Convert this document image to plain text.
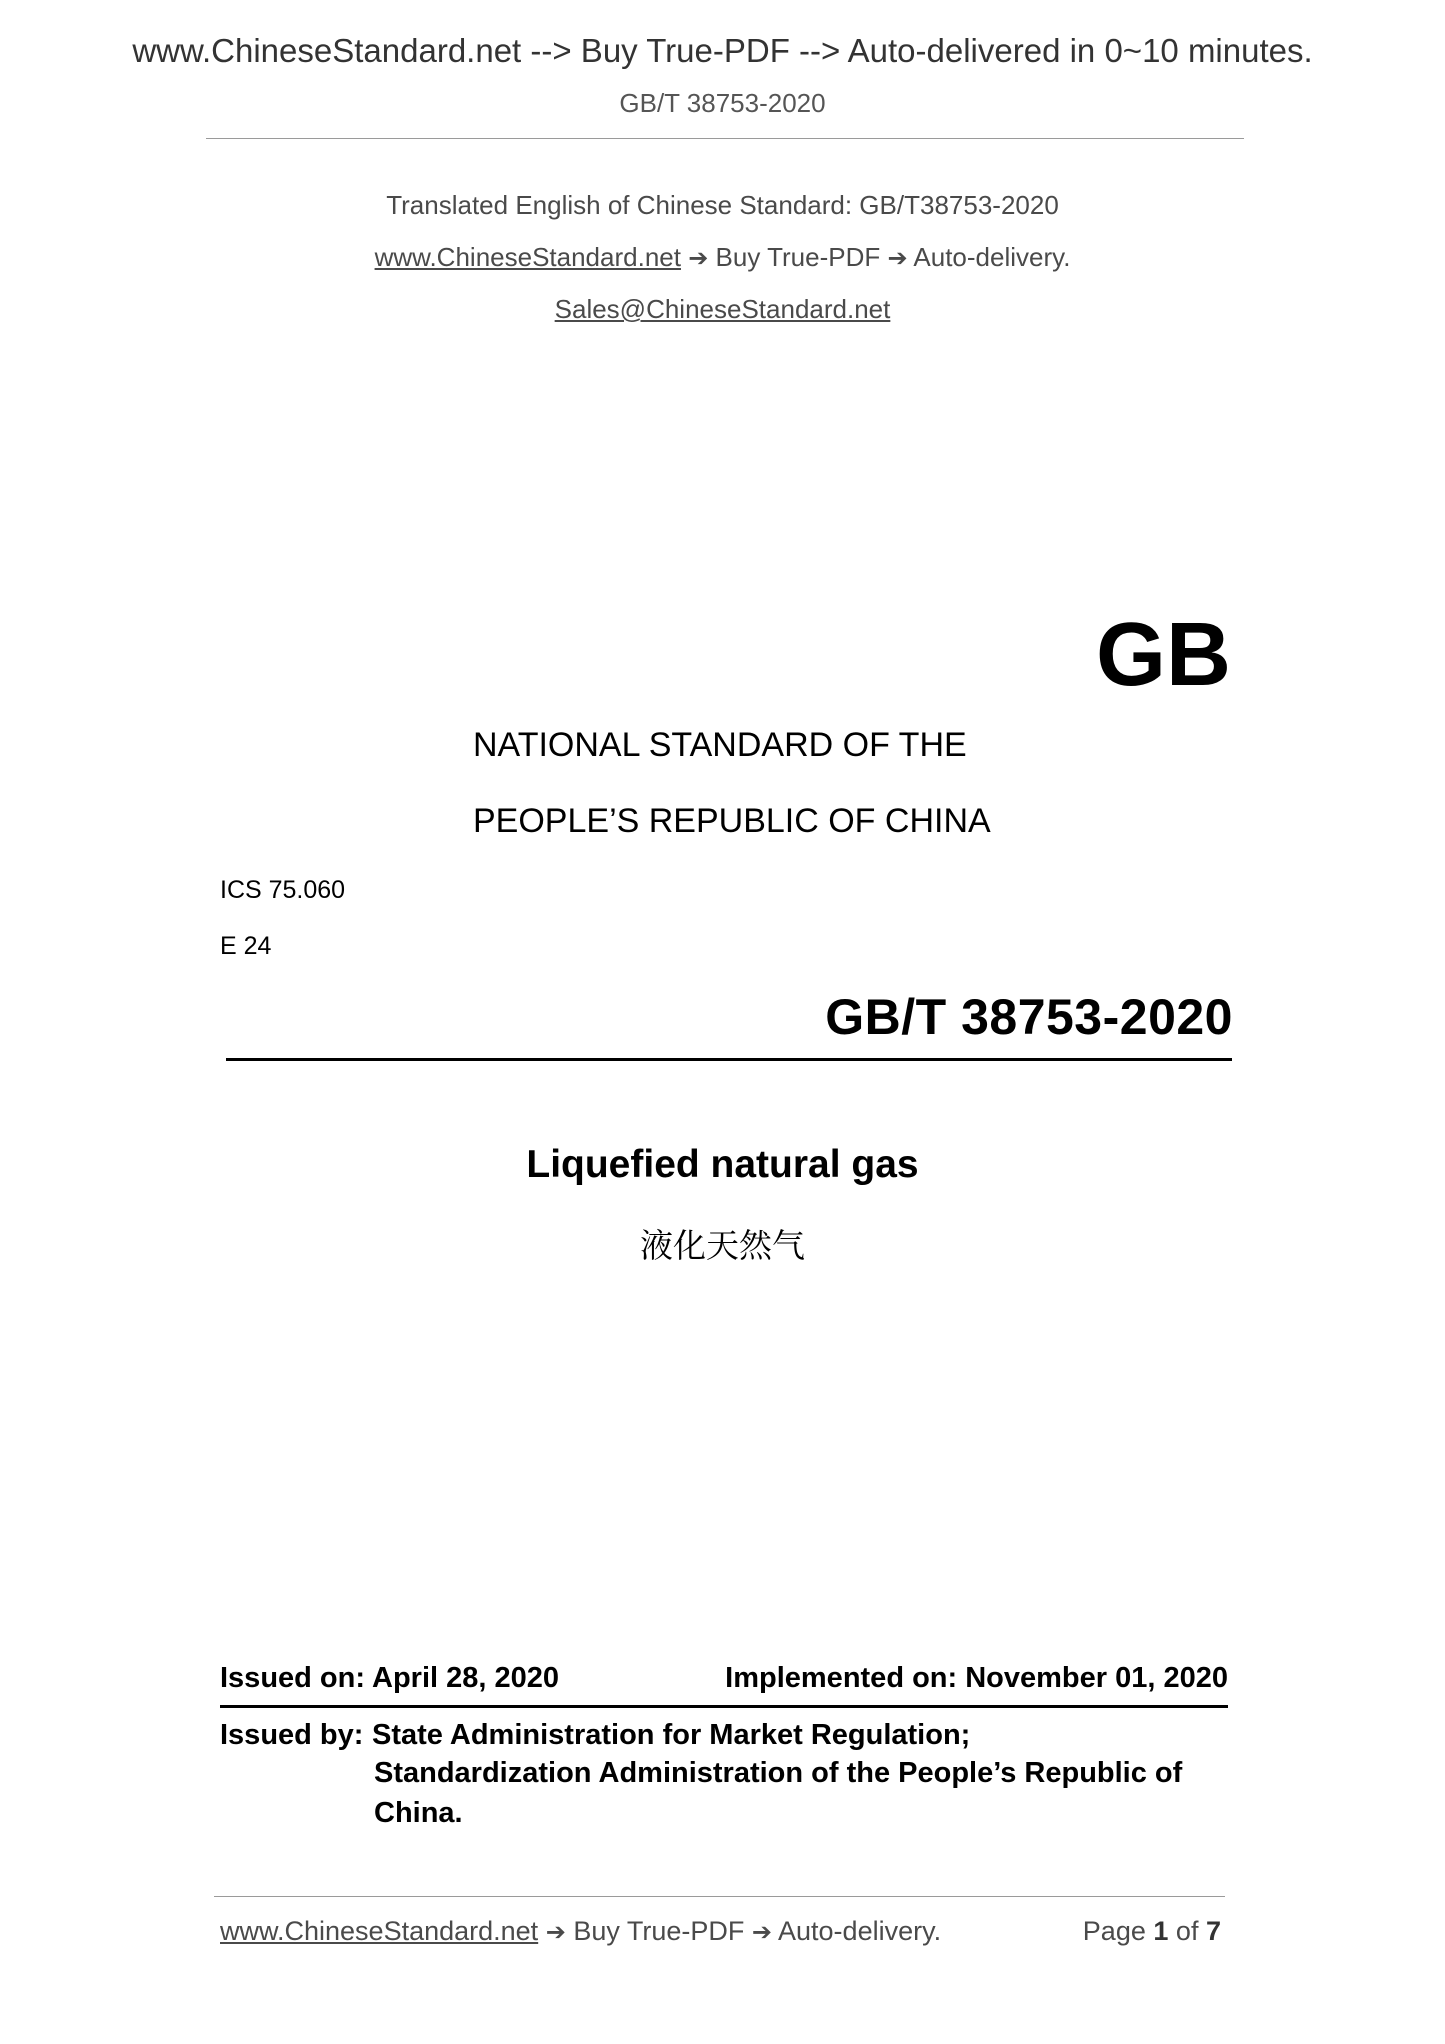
www.ChineseStandard.net --> Buy True-PDF --> Auto-delivered in 0~10 minutes.
GB/T 38753-2020
Translated English of Chinese Standard: GB/T38753-2020
www.ChineseStandard.net ➔ Buy True-PDF ➔ Auto-delivery.
Sales@ChineseStandard.net
GB
NATIONAL STANDARD OF THE
PEOPLE’S REPUBLIC OF CHINA
ICS 75.060
E 24
GB/T 38753-2020
Liquefied natural gas
液化天然气
Issued on: April 28, 2020	Implemented on: November 01, 2020
Issued by: State Administration for Market Regulation;
Standardization Administration of the People’s Republic of
China.
www.ChineseStandard.net ➔ Buy True-PDF ➔ Auto-delivery.	Page 1 of 7
